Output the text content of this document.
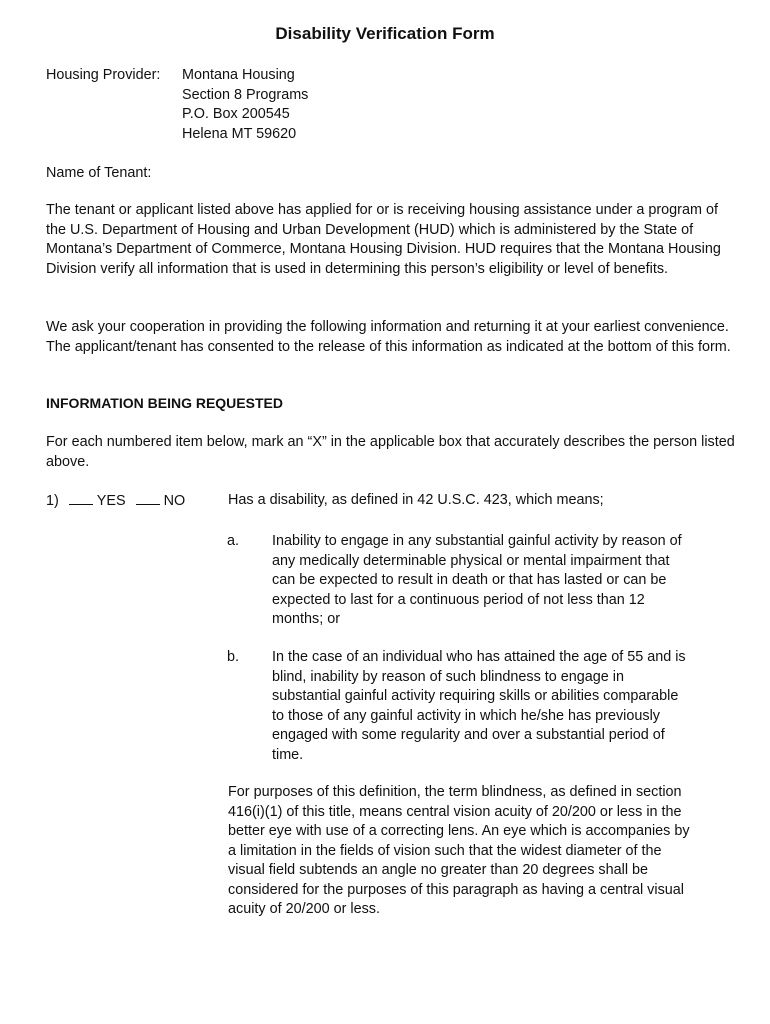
Disability Verification Form
Housing Provider: Montana Housing
Section 8 Programs
P.O. Box 200545
Helena MT 59620
Name of Tenant:
The tenant or applicant listed above has applied for or is receiving housing assistance under a program of the U.S. Department of Housing and Urban Development (HUD) which is administered by the State of Montana’s Department of Commerce, Montana Housing Division. HUD requires that the Montana Housing Division verify all information that is used in determining this person’s eligibility or level of benefits.
We ask your cooperation in providing the following information and returning it at your earliest convenience. The applicant/tenant has consented to the release of this information as indicated at the bottom of this form.
INFORMATION BEING REQUESTED
For each numbered item below, mark an “X” in the applicable box that accurately describes the person listed above.
1)	YES	NO	Has a disability, as defined in 42 U.S.C. 423, which means;
a. Inability to engage in any substantial gainful activity by reason of any medically determinable physical or mental impairment that can be expected to result in death or that has lasted or can be expected to last for a continuous period of not less than 12 months; or
b. In the case of an individual who has attained the age of 55 and is blind, inability by reason of such blindness to engage in substantial gainful activity requiring skills or abilities comparable to those of any gainful activity in which he/she has previously engaged with some regularity and over a substantial period of time.
For purposes of this definition, the term blindness, as defined in section 416(i)(1) of this title, means central vision acuity of 20/200 or less in the better eye with use of a correcting lens. An eye which is accompanies by a limitation in the fields of vision such that the widest diameter of the visual field subtends an angle no greater than 20 degrees shall be considered for the purposes of this paragraph as having a central visual acuity of 20/200 or less.
